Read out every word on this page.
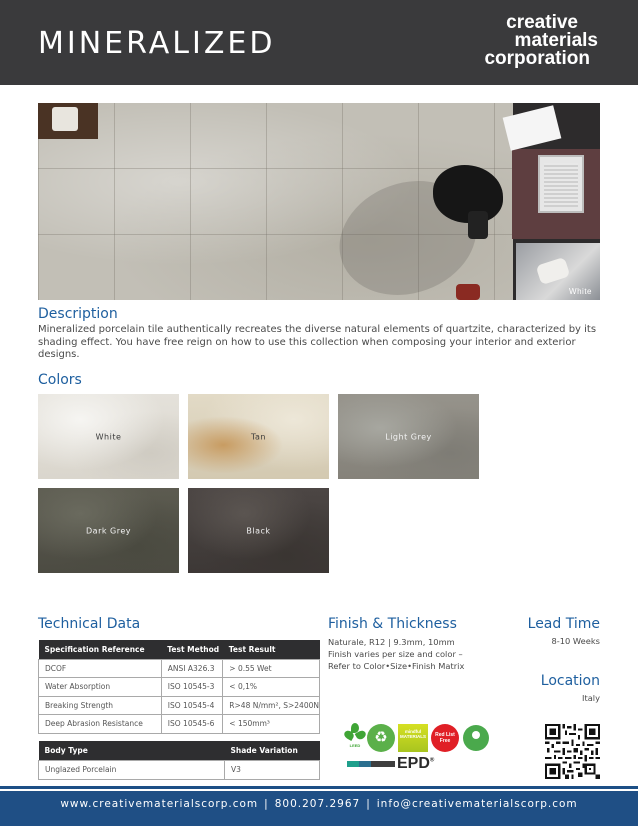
MINERALIZED
creative
materials
corporation
White
Description
Mineralized porcelain tile authentically recreates the diverse natural elements of quartzite, characterized by its shading effect. You have free reign on how to use this collection when composing your interior and exterior designs.
Colors
White	Tan	Light Grey
Dark Grey	Black
Technical Data
Specification Reference	Test Method	Test Result
DCOF	ANSI A326.3	> 0.55 Wet
Water Absorption	ISO 10545-3	< 0,1%
Breaking Strength	ISO 10545-4	R>48 N/mm², S>2400N
Deep Abrasion Resistance	ISO 10545-6	< 150mm³
Body Type	Shade Variation
Unglazed Porcelain	V3
Finish & Thickness
Naturale, R12 | 9.3mm, 10mm
Finish varies per size and color –
Refer to Color•Size•Finish Matrix
Lead Time
8-10 Weeks
Location
Italy
LEED ♻	mindful MATERIALS	Red List Free
EPD®
www.creativematerialscorp.com | 800.207.2967 | info@creativematerialscorp.com
